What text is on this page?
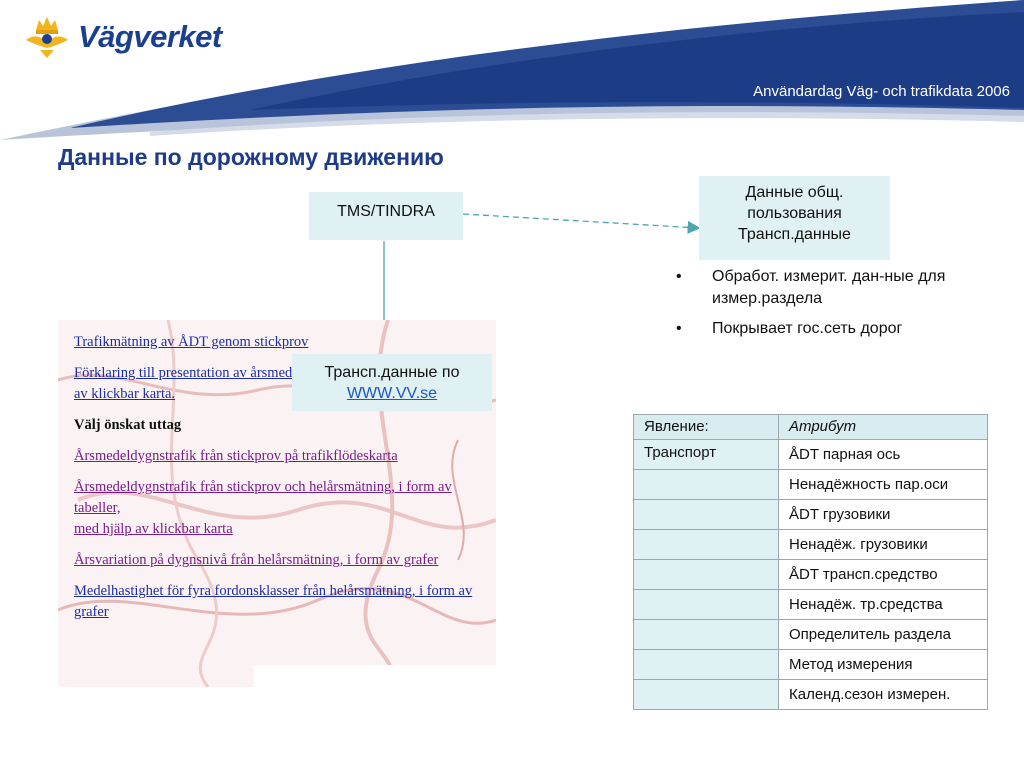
Vägverket
Användardag Väg- och trafikdata 2006
Данные по дорожному движению
Trafikmätning av ÅDT genom stickprov
Förklaring till presentation av årsmed
av klickbar karta.
Välj önskat uttag
Årsmedeldygnstrafik från stickprov på trafikflödeskarta
Årsmedeldygnstrafik från stickprov och helårsmätning, i form av tabeller,
med hjälp av klickbar karta
Årsvariation på dygnsnivå från helårsmätning, i form av grafer
Medelhastighet för fyra fordonsklasser från helårsmätning, i form av grafer
TMS/TINDRA
Данные общ.
пользования
Трансп.данные
Трансп.данные по
WWW.VV.se
•	Обработ. измерит. дан-ные для измер.раздела
•	Покрывает гос.сеть дорог
Явление:	Атрибут
Транспорт	ÅDT парная ось
	Ненадёжность пар.оси
	ÅDT грузовики
	Ненадёж. грузовики
	ÅDT трансп.средство
	Ненадёж. тр.средства
	Определитель раздела
	Метод измерения
	Календ.сезон измерен.
